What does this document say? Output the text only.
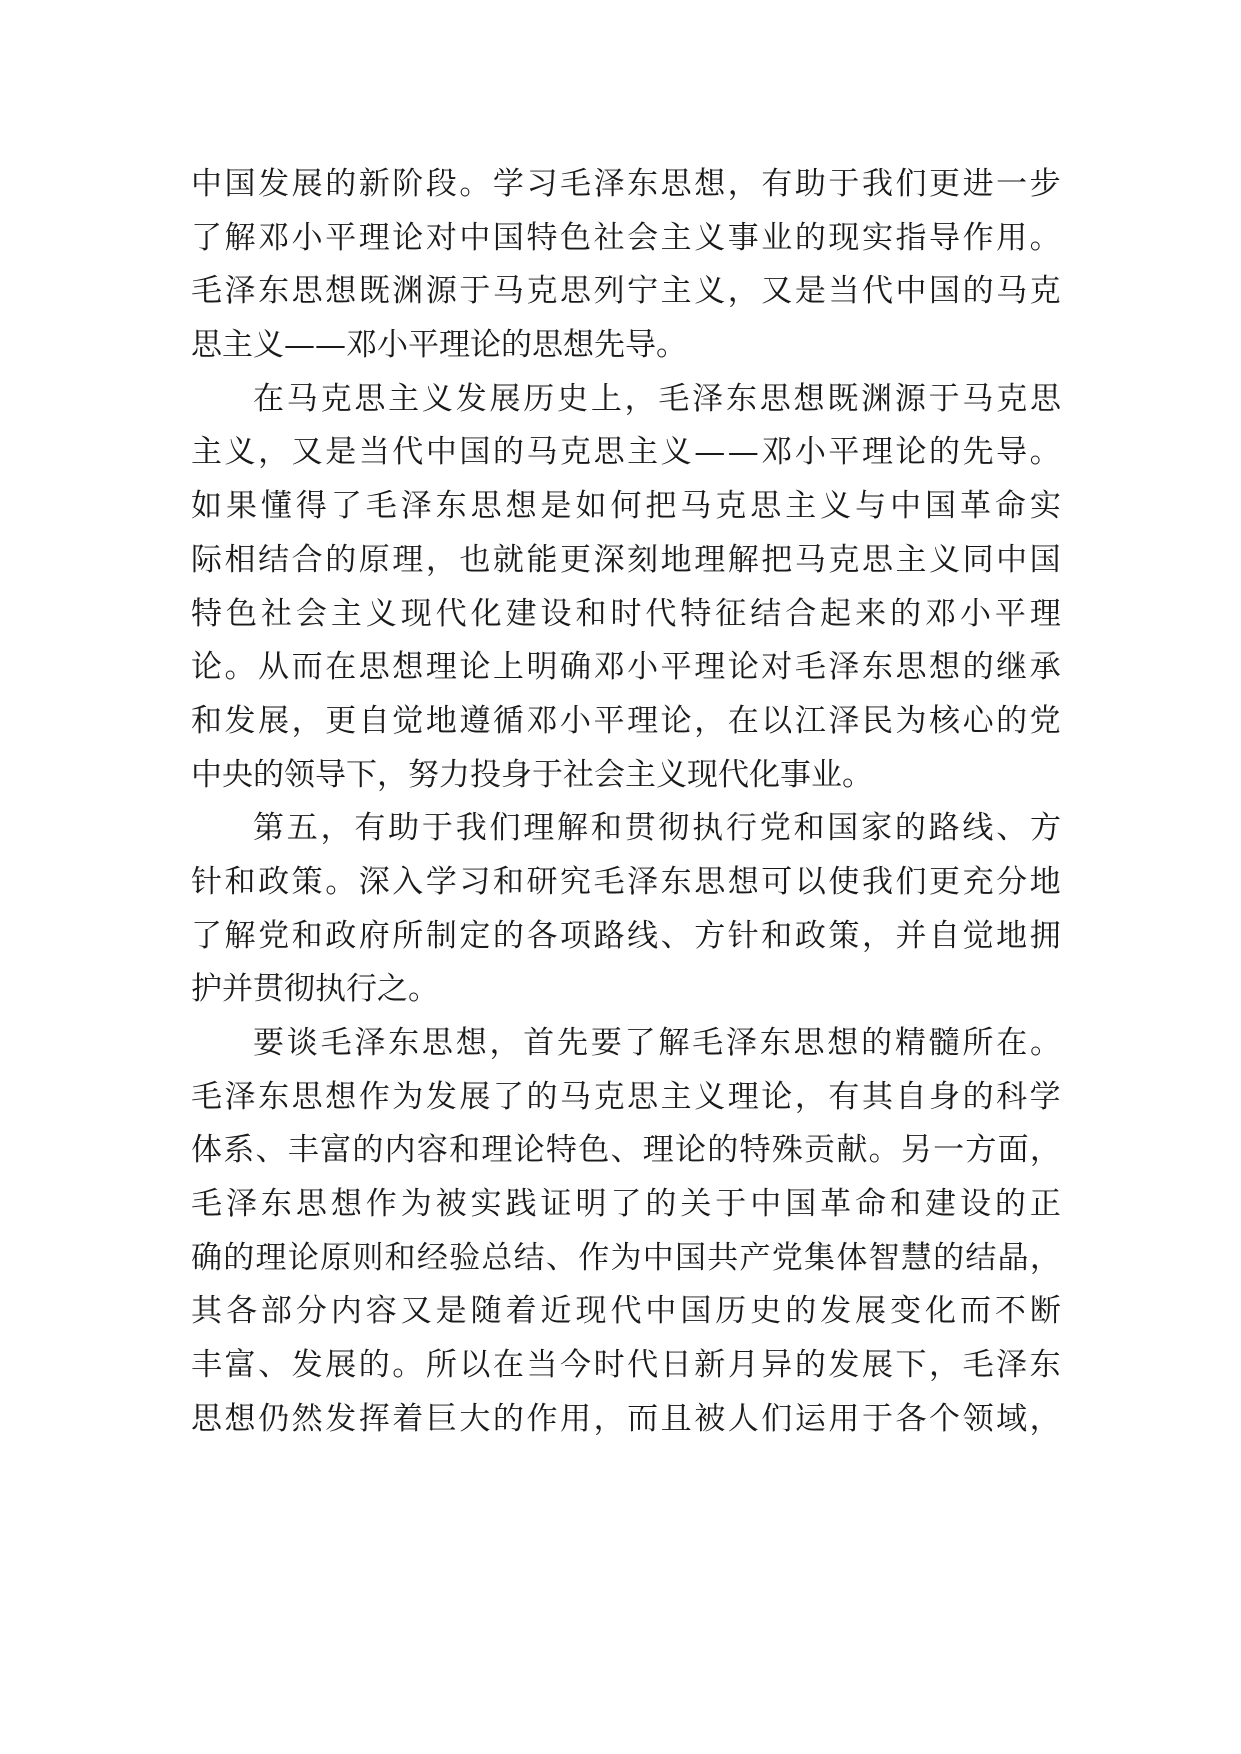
中 国 发 展 的 新 阶 段 。 学 习 毛 泽 东 思 想 ， 有 助 于 我 们 更 进 一 步
了 解 邓 小 平 理 论 对 中 国 特 色 社 会 主 义 事 业 的 现 实 指 导 作 用 。
毛 泽 东 思 想 既 渊 源 于 马 克 思 列 宁 主 义 ， 又 是 当 代 中 国 的 马 克
思主义——邓小平理论的思想先导。
在 马 克 思 主 义 发 展 历 史 上 ， 毛 泽 东 思 想 既 渊 源 于 马 克 思
主 义 ， 又 是 当 代 中 国 的 马 克 思 主 义 — — 邓 小 平 理 论 的 先 导 。
如 果 懂 得 了 毛 泽 东 思 想 是 如 何 把 马 克 思 主 义 与 中 国 革 命 实
际 相 结 合 的 原 理 ， 也 就 能 更 深 刻 地 理 解 把 马 克 思 主 义 同 中 国
特 色 社 会 主 义 现 代 化 建 设 和 时 代 特 征 结 合 起 来 的 邓 小 平 理
论 。 从 而 在 思 想 理 论 上 明 确 邓 小 平 理 论 对 毛 泽 东 思 想 的 继 承
和 发 展 ， 更 自 觉 地 遵 循 邓 小 平 理 论 ， 在 以 江 泽 民 为 核 心 的 党
中央的领导下，努力投身于社会主义现代化事业。
第 五 ， 有 助 于 我 们 理 解 和 贯 彻 执 行 党 和 国 家 的 路 线 、 方
针 和 政 策 。 深 入 学 习 和 研 究 毛 泽 东 思 想 可 以 使 我 们 更 充 分 地
了 解 党 和 政 府 所 制 定 的 各 项 路 线 、 方 针 和 政 策 ， 并 自 觉 地 拥
护并贯彻执行之。
要 谈 毛 泽 东 思 想 ， 首 先 要 了 解 毛 泽 东 思 想 的 精 髓 所 在 。
毛 泽 东 思 想 作 为 发 展 了 的 马 克 思 主 义 理 论 ， 有 其 自 身 的 科 学
体 系 、 丰 富 的 内 容 和 理 论 特 色 、 理 论 的 特 殊 贡 献 。 另 一 方 面 ，
毛 泽 东 思 想 作 为 被 实 践 证 明 了 的 关 于 中 国 革 命 和 建 设 的 正
确 的 理 论 原 则 和 经 验 总 结 、 作 为 中 国 共 产 党 集 体 智 慧 的 结 晶 ，
其 各 部 分 内 容 又 是 随 着 近 现 代 中 国 历 史 的 发 展 变 化 而 不 断
丰 富 、 发 展 的 。 所 以 在 当 今 时 代 日 新 月 异 的 发 展 下 ， 毛 泽 东
思 想 仍 然 发 挥 着 巨 大 的 作 用 ， 而 且 被 人 们 运 用 于 各 个 领 域 ，
